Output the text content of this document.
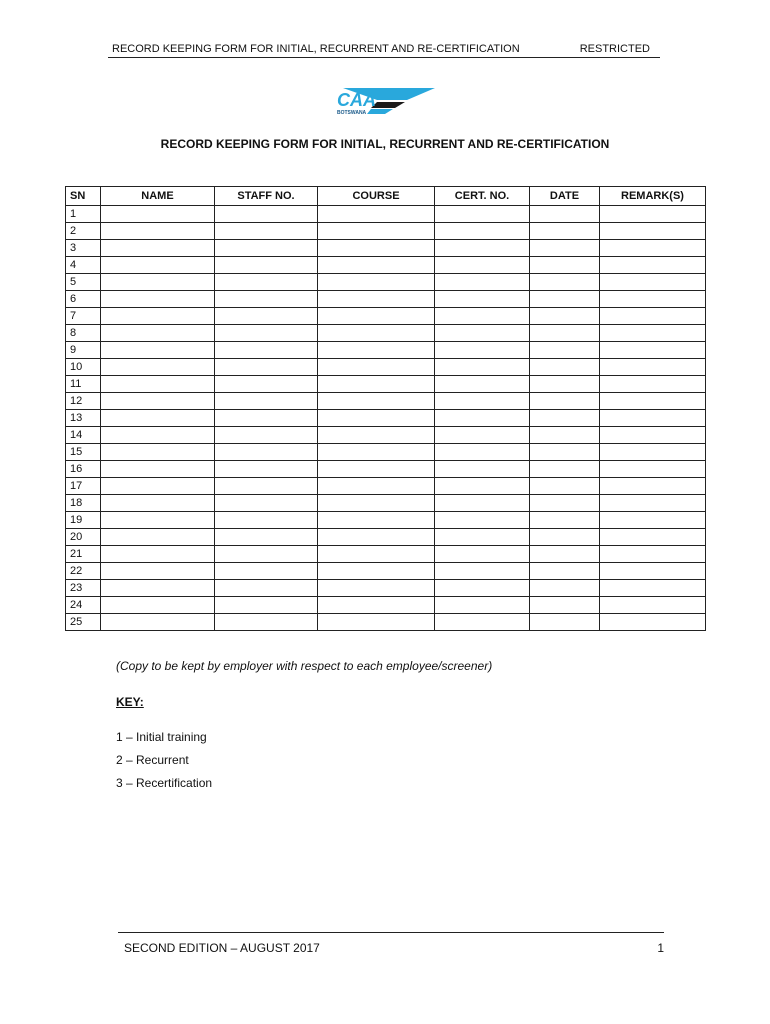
RECORD KEEPING FORM FOR INITIAL, RECURRENT AND RE-CERTIFICATION	RESTRICTED
CAA
BOTSWANA
RECORD KEEPING FORM FOR INITIAL, RECURRENT AND RE-CERTIFICATION
SN	NAME	STAFF NO.	COURSE	CERT. NO.	DATE	REMARK(S)
1						
2						
3						
4						
5						
6						
7						
8						
9						
10						
11						
12						
13						
14						
15						
16						
17						
18						
19						
20						
21						
22						
23						
24						
25						
(Copy to be kept by employer with respect to each employee/screener)
KEY:
1 – Initial training
2 – Recurrent
3 – Recertification
SECOND EDITION – AUGUST 2017	1
